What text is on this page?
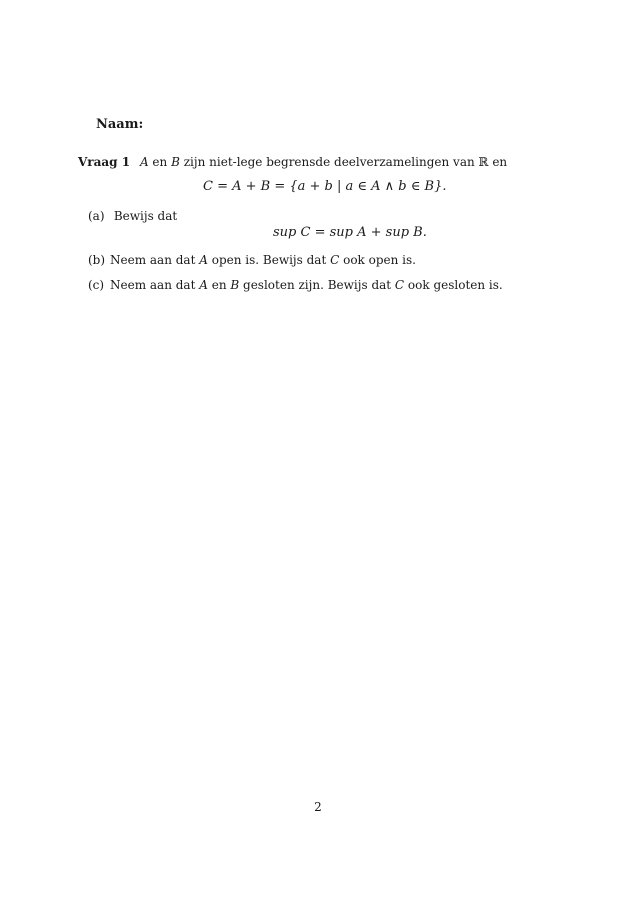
Naam:
Vraag 1 A en B zijn niet-lege begrensde deelverzamelingen van ℝ en
C = A + B = {a + b | a ∈ A ∧ b ∈ B}.
(a) Bewijs dat
sup C = sup A + sup B.
(b) Neem aan dat A open is. Bewijs dat C ook open is.
(c) Neem aan dat A en B gesloten zijn. Bewijs dat C ook gesloten is.
2
